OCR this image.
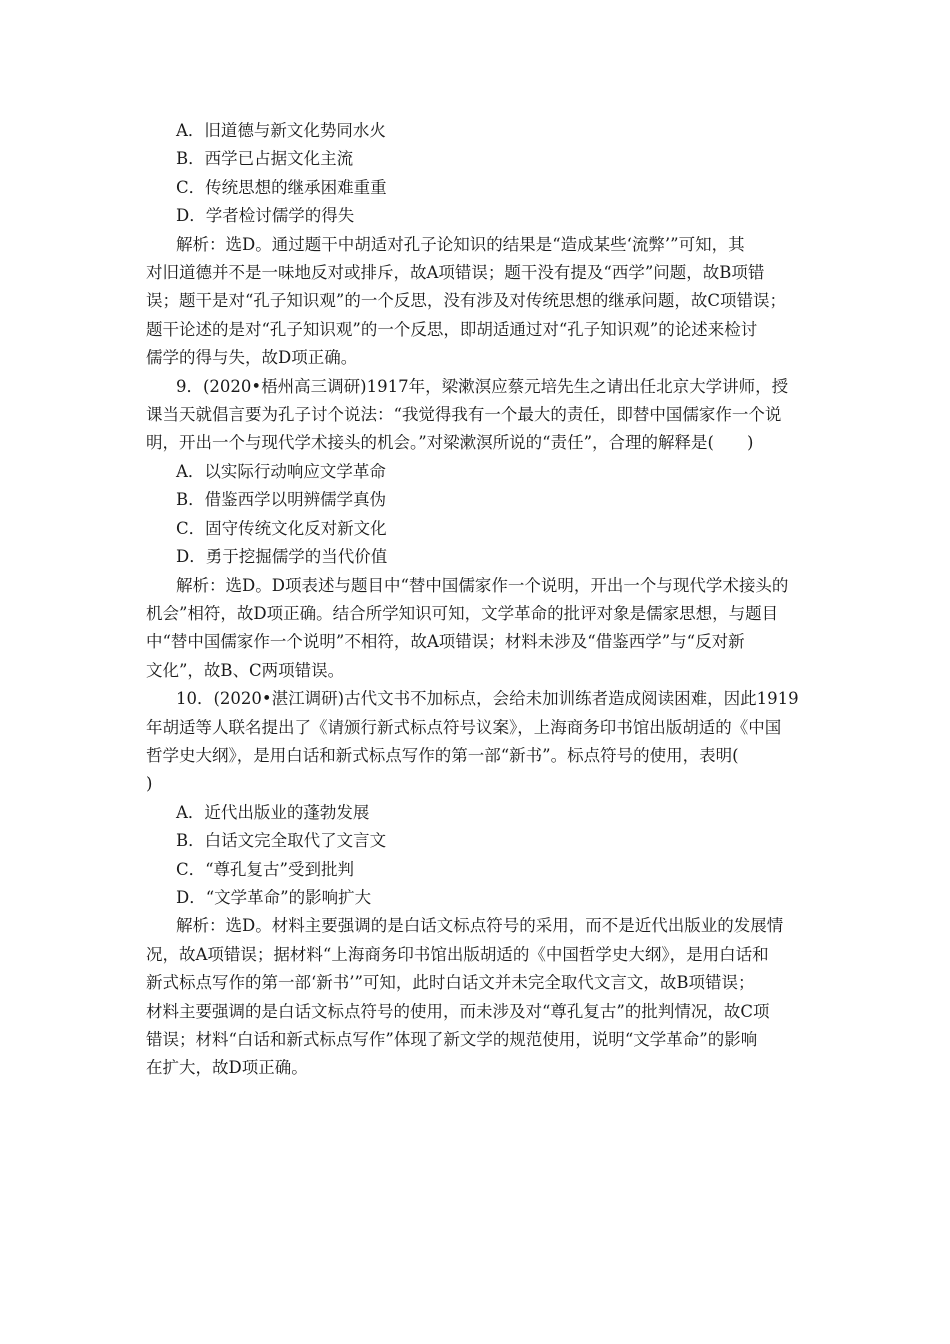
A．旧道德与新文化势同水火

B．西学已占据文化主流

C．传统思想的继承困难重重

D．学者检讨儒学的得失

解析：选D。通过题干中胡适对孔子论知识的结果是“造成某些‘流弊’”可知，其

对旧道德并不是一味地反对或排斥，故A项错误；题干没有提及“西学”问题，故B项错

误；题干是对“孔子知识观”的一个反思，没有涉及对传统思想的继承问题，故C项错误；

题干论述的是对“孔子知识观”的一个反思，即胡适通过对“孔子知识观”的论述来检讨

儒学的得与失，故D项正确。

9．(2020•梧州高三调研)1917年，梁漱溟应蔡元培先生之请出任北京大学讲师，授

课当天就倡言要为孔子讨个说法：“我觉得我有一个最大的责任，即替中国儒家作一个说

明，开出一个与现代学术接头的机会。”对梁漱溟所说的“责任”，合理的解释是(　　)

A．以实际行动响应文学革命

B．借鉴西学以明辨儒学真伪

C．固守传统文化反对新文化

D．勇于挖掘儒学的当代价值

解析：选D。D项表述与题目中“替中国儒家作一个说明，开出一个与现代学术接头的

机会”相符，故D项正确。结合所学知识可知，文学革命的批评对象是儒家思想，与题目

中“替中国儒家作一个说明”不相符，故A项错误；材料未涉及“借鉴西学”与“反对新

文化”，故B、C两项错误。

10．(2020•湛江调研)古代文书不加标点，会给未加训练者造成阅读困难，因此1919

年胡适等人联名提出了《请颁行新式标点符号议案》，上海商务印书馆出版胡适的《中国

哲学史大纲》，是用白话和新式标点写作的第一部“新书”。标点符号的使用，表明(

)

A．近代出版业的蓬勃发展

B．白话文完全取代了文言文

C．“尊孔复古”受到批判

D．“文学革命”的影响扩大

解析：选D。材料主要强调的是白话文标点符号的采用，而不是近代出版业的发展情

况，故A项错误；据材料“上海商务印书馆出版胡适的《中国哲学史大纲》，是用白话和

新式标点写作的第一部‘新书’”可知，此时白话文并未完全取代文言文，故B项错误；

材料主要强调的是白话文标点符号的使用，而未涉及对“尊孔复古”的批判情况，故C项

错误；材料“白话和新式标点写作”体现了新文学的规范使用，说明“文学革命”的影响

在扩大，故D项正确。
